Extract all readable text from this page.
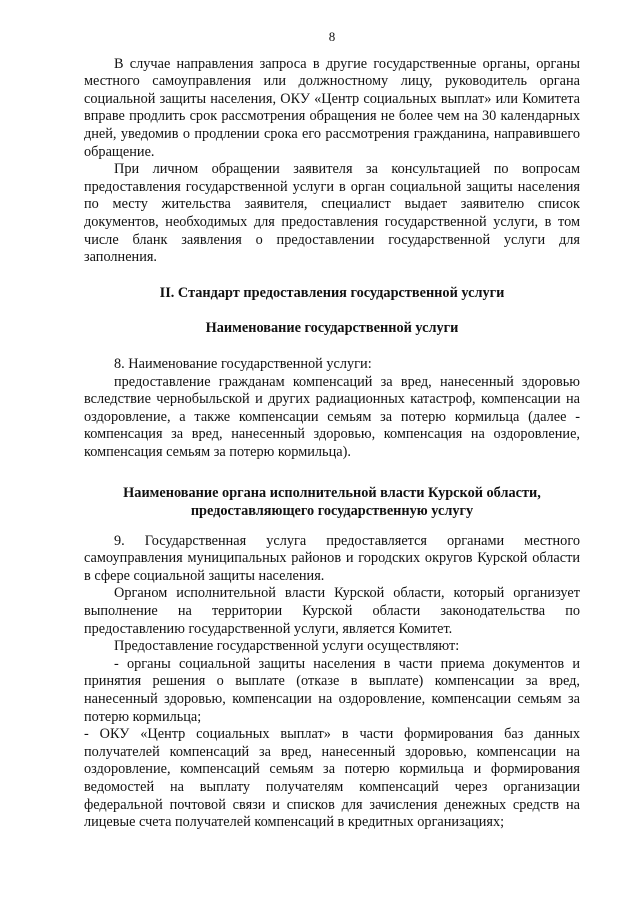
8

В случае направления запроса в другие государственные органы, органы местного самоуправления или должностному лицу, руководитель органа социальной защиты населения, ОКУ «Центр социальных выплат» или Комитета вправе продлить срок рассмотрения обращения не более чем на 30 календарных дней, уведомив о продлении срока его рассмотрения гражданина, направившего обращение.

При личном обращении заявителя за консультацией по вопросам предоставления государственной услуги в орган социальной защиты населения по месту жительства заявителя, специалист выдает заявителю список документов, необходимых для предоставления государственной услуги, в том числе бланк заявления о предоставлении государственной услуги для заполнения.

II. Стандарт предоставления государственной услуги

Наименование государственной услуги

8. Наименование государственной услуги:

предоставление гражданам компенсаций за вред, нанесенный здоровью вследствие чернобыльской и других радиационных катастроф, компенсации на оздоровление, а также компенсации семьям за потерю кормильца (далее - компенсация за вред, нанесенный здоровью, компенсация на оздоровление, компенсация семьям за потерю кормильца).

Наименование органа исполнительной власти Курской области,

предоставляющего государственную услугу

9. Государственная услуга предоставляется органами местного самоуправления муниципальных районов и городских округов Курской области в сфере социальной защиты населения.

Органом исполнительной власти Курской области, который организует выполнение на территории Курской области законодательства по предоставлению государственной услуги, является Комитет.

Предоставление государственной услуги осуществляют:

- органы социальной защиты населения в части приема документов и принятия решения о выплате (отказе в выплате) компенсации за вред, нанесенный здоровью, компенсации на оздоровление, компенсации семьям за потерю кормильца;

- ОКУ «Центр социальных выплат» в части формирования баз данных получателей компенсаций за вред, нанесенный здоровью, компенсации на оздоровление, компенсаций семьям за потерю кормильца и формирования ведомостей на выплату получателям компенсаций через организации федеральной почтовой связи и списков для зачисления денежных средств на лицевые счета получателей компенсаций в кредитных организациях;
